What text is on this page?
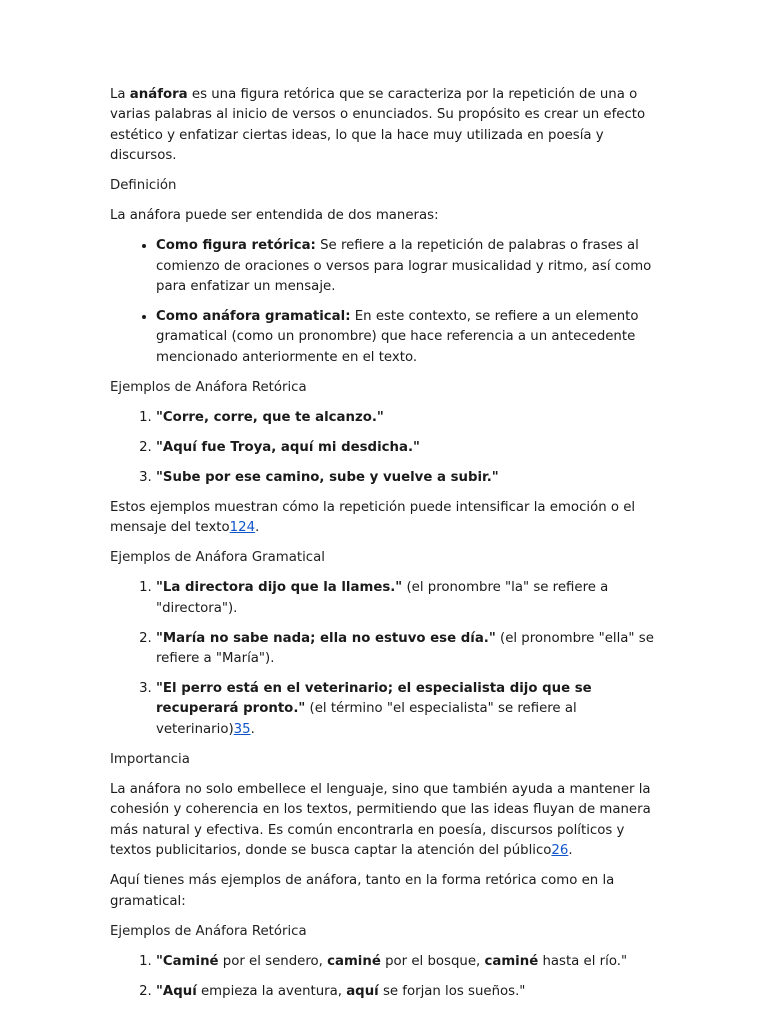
La anáfora es una figura retórica que se caracteriza por la repetición de una o varias palabras al inicio de versos o enunciados. Su propósito es crear un efecto estético y enfatizar ciertas ideas, lo que la hace muy utilizada en poesía y discursos.

Definición

La anáfora puede ser entendida de dos maneras:

• Como figura retórica: Se refiere a la repetición de palabras o frases al comienzo de oraciones o versos para lograr musicalidad y ritmo, así como para enfatizar un mensaje.
• Como anáfora gramatical: En este contexto, se refiere a un elemento gramatical (como un pronombre) que hace referencia a un antecedente mencionado anteriormente en el texto.

Ejemplos de Anáfora Retórica

1. "Corre, corre, que te alcanzo."
2. "Aquí fue Troya, aquí mi desdicha."
3. "Sube por ese camino, sube y vuelve a subir."

Estos ejemplos muestran cómo la repetición puede intensificar la emoción o el mensaje del texto124.

Ejemplos de Anáfora Gramatical

1. "La directora dijo que la llames." (el pronombre "la" se refiere a "directora").
2. "María no sabe nada; ella no estuvo ese día." (el pronombre "ella" se refiere a "María").
3. "El perro está en el veterinario; el especialista dijo que se recuperará pronto." (el término "el especialista" se refiere al veterinario)35.

Importancia

La anáfora no solo embellece el lenguaje, sino que también ayuda a mantener la cohesión y coherencia en los textos, permitiendo que las ideas fluyan de manera más natural y efectiva. Es común encontrarla en poesía, discursos políticos y textos publicitarios, donde se busca captar la atención del público26.

Aquí tienes más ejemplos de anáfora, tanto en la forma retórica como en la gramatical:

Ejemplos de Anáfora Retórica

1. "Caminé por el sendero, caminé por el bosque, caminé hasta el río."
2. "Aquí empieza la aventura, aquí se forjan los sueños."
